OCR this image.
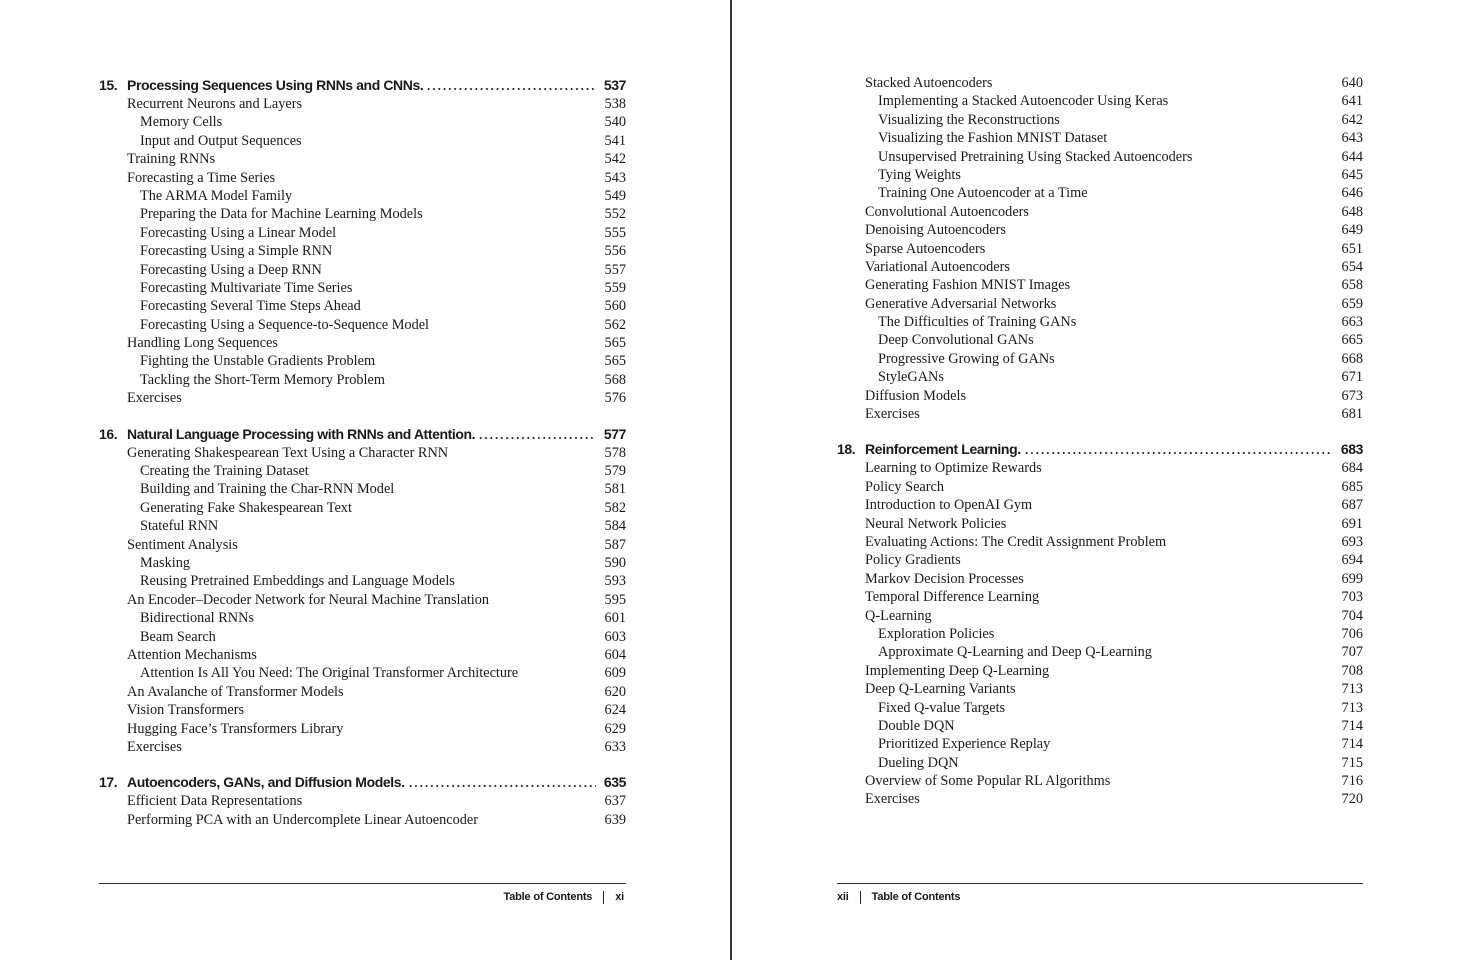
15. Processing Sequences Using RNNs and CNNs.	537
Recurrent Neurons and Layers	538
Memory Cells	540
Input and Output Sequences	541
Training RNNs	542
Forecasting a Time Series	543
The ARMA Model Family	549
Preparing the Data for Machine Learning Models	552
Forecasting Using a Linear Model	555
Forecasting Using a Simple RNN	556
Forecasting Using a Deep RNN	557
Forecasting Multivariate Time Series	559
Forecasting Several Time Steps Ahead	560
Forecasting Using a Sequence-to-Sequence Model	562
Handling Long Sequences	565
Fighting the Unstable Gradients Problem	565
Tackling the Short-Term Memory Problem	568
Exercises	576
16. Natural Language Processing with RNNs and Attention.	577
Generating Shakespearean Text Using a Character RNN	578
Creating the Training Dataset	579
Building and Training the Char-RNN Model	581
Generating Fake Shakespearean Text	582
Stateful RNN	584
Sentiment Analysis	587
Masking	590
Reusing Pretrained Embeddings and Language Models	593
An Encoder–Decoder Network for Neural Machine Translation	595
Bidirectional RNNs	601
Beam Search	603
Attention Mechanisms	604
Attention Is All You Need: The Original Transformer Architecture	609
An Avalanche of Transformer Models	620
Vision Transformers	624
Hugging Face’s Transformers Library	629
Exercises	633
17. Autoencoders, GANs, and Diffusion Models.	635
Efficient Data Representations	637
Performing PCA with an Undercomplete Linear Autoencoder	639
Table of Contents xi
Stacked Autoencoders	640
Implementing a Stacked Autoencoder Using Keras	641
Visualizing the Reconstructions	642
Visualizing the Fashion MNIST Dataset	643
Unsupervised Pretraining Using Stacked Autoencoders	644
Tying Weights	645
Training One Autoencoder at a Time	646
Convolutional Autoencoders	648
Denoising Autoencoders	649
Sparse Autoencoders	651
Variational Autoencoders	654
Generating Fashion MNIST Images	658
Generative Adversarial Networks	659
The Difficulties of Training GANs	663
Deep Convolutional GANs	665
Progressive Growing of GANs	668
StyleGANs	671
Diffusion Models	673
Exercises	681
18. Reinforcement Learning.	683
Learning to Optimize Rewards	684
Policy Search	685
Introduction to OpenAI Gym	687
Neural Network Policies	691
Evaluating Actions: The Credit Assignment Problem	693
Policy Gradients	694
Markov Decision Processes	699
Temporal Difference Learning	703
Q-Learning	704
Exploration Policies	706
Approximate Q-Learning and Deep Q-Learning	707
Implementing Deep Q-Learning	708
Deep Q-Learning Variants	713
Fixed Q-value Targets	713
Double DQN	714
Prioritized Experience Replay	714
Dueling DQN	715
Overview of Some Popular RL Algorithms	716
Exercises	720
xii Table of Contents
